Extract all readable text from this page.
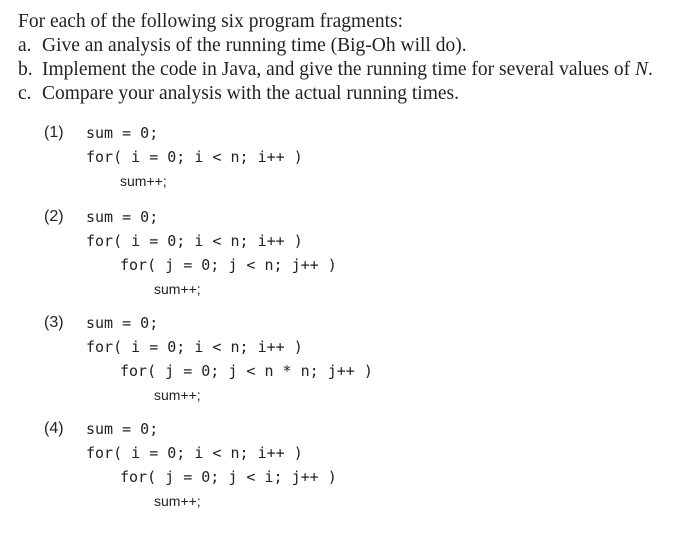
For each of the following six program fragments:
a. Give an analysis of the running time (Big-Oh will do).
b. Implement the code in Java, and give the running time for several values of N.
c. Compare your analysis with the actual running times.
(1) sum = 0;
for( i = 0; i < n; i++ )
sum++;
(2) sum = 0;
for( i = 0; i < n; i++ )
for( j = 0; j < n; j++ )
sum++;
(3) sum = 0;
for( i = 0; i < n; i++ )
for( j = 0; j < n * n; j++ )
sum++;
(4) sum = 0;
for( i = 0; i < n; i++ )
for( j = 0; j < i; j++ )
sum++;
